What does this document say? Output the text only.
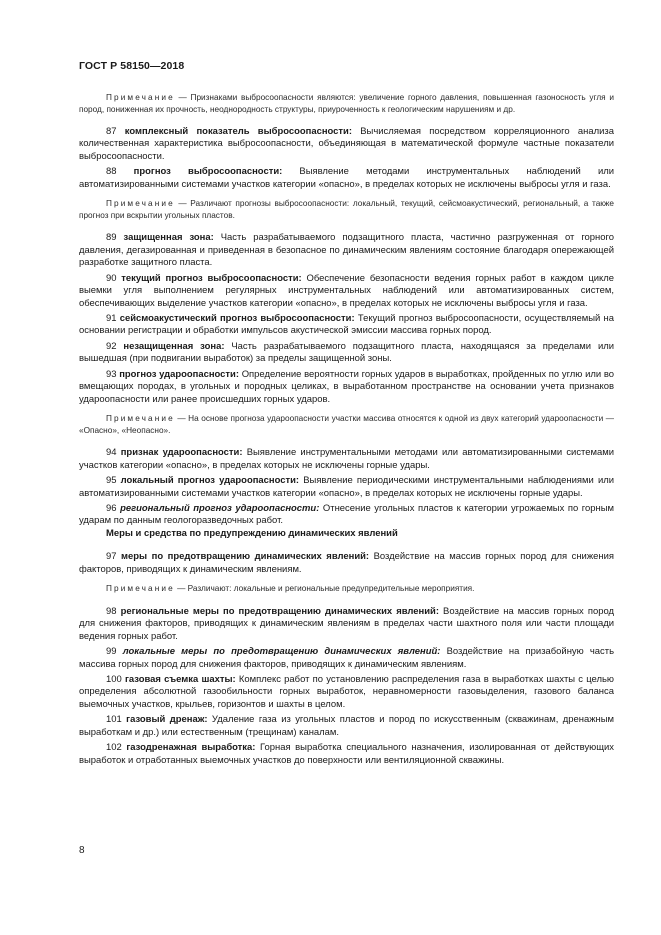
ГОСТ Р 58150—2018

Примечание — Признаками выбросоопасности являются: увеличение горного давления, повышенная газоносность угля и пород, пониженная их прочность, неоднородность структуры, приуроченность к геологическим нарушениям и др.

87 комплексный показатель выбросоопасности: Вычисляемая посредством корреляционного анализа количественная характеристика выбросоопасности, объединяющая в математической формуле частные показатели выбросоопасности.

88 прогноз выбросоопасности: Выявление методами инструментальных наблюдений или автоматизированными системами участков категории «опасно», в пределах которых не исключены выбросы угля и газа.

Примечание — Различают прогнозы выбросоопасности: локальный, текущий, сейсмоакустический, региональный, а также прогноз при вскрытии угольных пластов.

89 защищенная зона: Часть разрабатываемого подзащитного пласта, частично разгруженная от горного давления, дегазированная и приведенная в безопасное по динамическим явлениям состояние благодаря опережающей разработке защитного пласта.

90 текущий прогноз выбросоопасности: Обеспечение безопасности ведения горных работ в каждом цикле выемки угля выполнением регулярных инструментальных наблюдений или автоматизированных систем, обеспечивающих выделение участков категории «опасно», в пределах которых не исключены выбросы угля и газа.

91 сейсмоакустический прогноз выбросоопасности: Текущий прогноз выбросоопасности, осуществляемый на основании регистрации и обработки импульсов акустической эмиссии массива горных пород.

92 незащищенная зона: Часть разрабатываемого подзащитного пласта, находящаяся за пределами или вышедшая (при подвигании выработок) за пределы защищенной зоны.

93 прогноз удароопасности: Определение вероятности горных ударов в выработках, пройденных по углю или во вмещающих породах, в угольных и породных целиках, в выработанном пространстве на основании учета признаков удароопасности или ранее происшедших горных ударов.

Примечание — На основе прогноза удароопасности участки массива относятся к одной из двух категорий удароопасности — «Опасно», «Неопасно».

94 признак удароопасности: Выявление инструментальными методами или автоматизированными системами участков категории «опасно», в пределах которых не исключены горные удары.

95 локальный прогноз удароопасности: Выявление периодическими инструментальными наблюдениями или автоматизированными системами участков категории «опасно», в пределах которых не исключены горные удары.

96 региональный прогноз удароопасности: Отнесение угольных пластов к категории угрожаемых по горным ударам по данным геологоразведочных работ.

Меры и средства по предупреждению динамических явлений

97 меры по предотвращению динамических явлений: Воздействие на массив горных пород для снижения факторов, приводящих к динамическим явлениям.

Примечание — Различают: локальные и региональные предупредительные мероприятия.

98 региональные меры по предотвращению динамических явлений: Воздействие на массив горных пород для снижения факторов, приводящих к динамическим явлениям в пределах части шахтного поля или части площади ведения горных работ.

99 локальные меры по предотвращению динамических явлений: Воздействие на призабойную часть массива горных пород для снижения факторов, приводящих к динамическим явлениям.

100 газовая съемка шахты: Комплекс работ по установлению распределения газа в выработках шахты с целью определения абсолютной газообильности горных выработок, неравномерности газовыделения, газового баланса выемочных участков, крыльев, горизонтов и шахты в целом.

101 газовый дренаж: Удаление газа из угольных пластов и пород по искусственным (скважинам, дренажным выработкам и др.) или естественным (трещинам) каналам.

102 газодренажная выработка: Горная выработка специального назначения, изолированная от действующих выработок и отработанных выемочных участков до поверхности или вентиляционной скважины.

8
